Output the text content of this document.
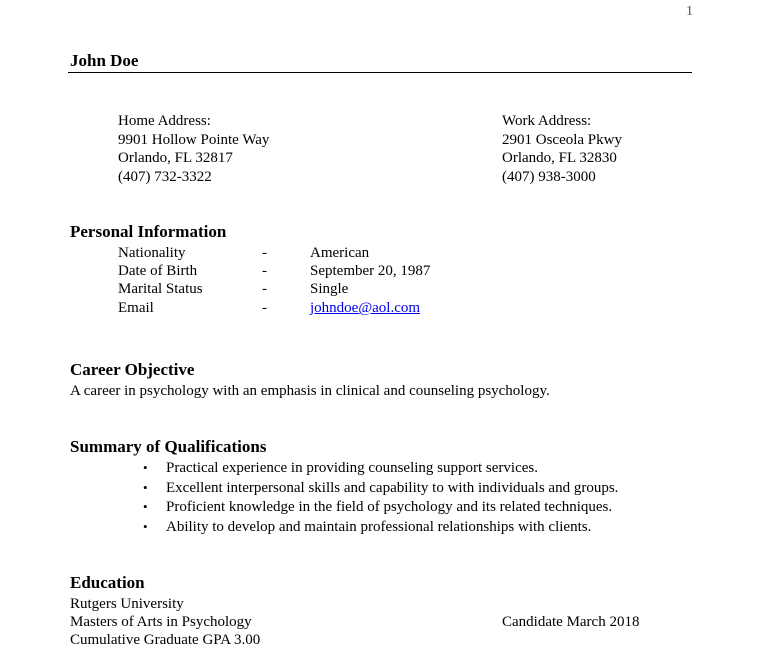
1
John Doe
Home Address:
9901 Hollow Pointe Way
Orlando, FL 32817
(407) 732-3322
Work Address:
2901 Osceola Pkwy
Orlando, FL 32830
(407) 938-3000
Personal Information
Nationality	-	American
Date of Birth	-	September 20, 1987
Marital Status	-	Single
Email	-	johndoe@aol.com
Career Objective
A career in psychology with an emphasis in clinical and counseling psychology.
Summary of Qualifications
• Practical experience in providing counseling support services.
• Excellent interpersonal skills and capability to with individuals and groups.
• Proficient knowledge in the field of psychology and its related techniques.
• Ability to develop and maintain professional relationships with clients.
Education
Rutgers University
Masters of Arts in Psychology	Candidate March 2018
Cumulative Graduate GPA 3.00
